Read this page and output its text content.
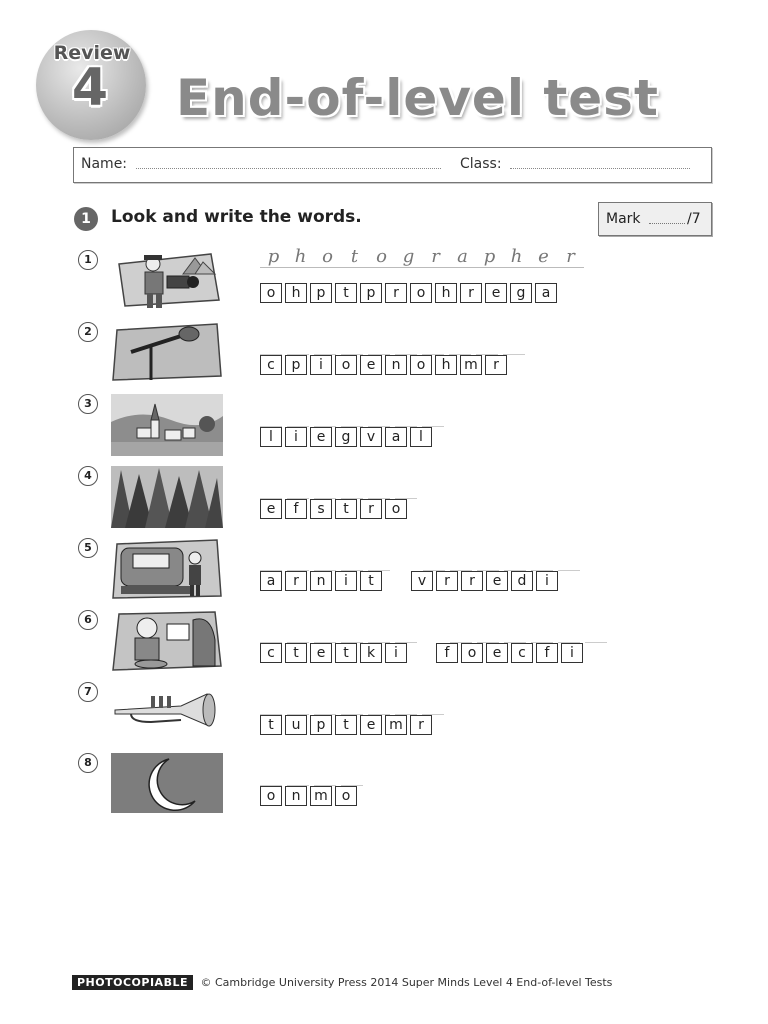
Review
4	End-of-level test
Name:	Class:
1	Look and write the words.	Mark	/7
1	p h o t o g r a p h e r
o	h	p	t	p	r	o	h	r	e	g	a
2
c	p	i	o	e	n	o	h m	r
3
l	i	e	g	v	a	l
4
e	f	s	t	r	o
5
a	r	n	i	t	v	r	r	e	d	i
6
c	t	e	t	k	i	f	o	e	c	f	i
7
t	u	p	t	e m	r
8
o	n m o
PHOTOCOPIABLE © Cambridge University Press 2014 Super Minds Level 4 End-of-level Tests
